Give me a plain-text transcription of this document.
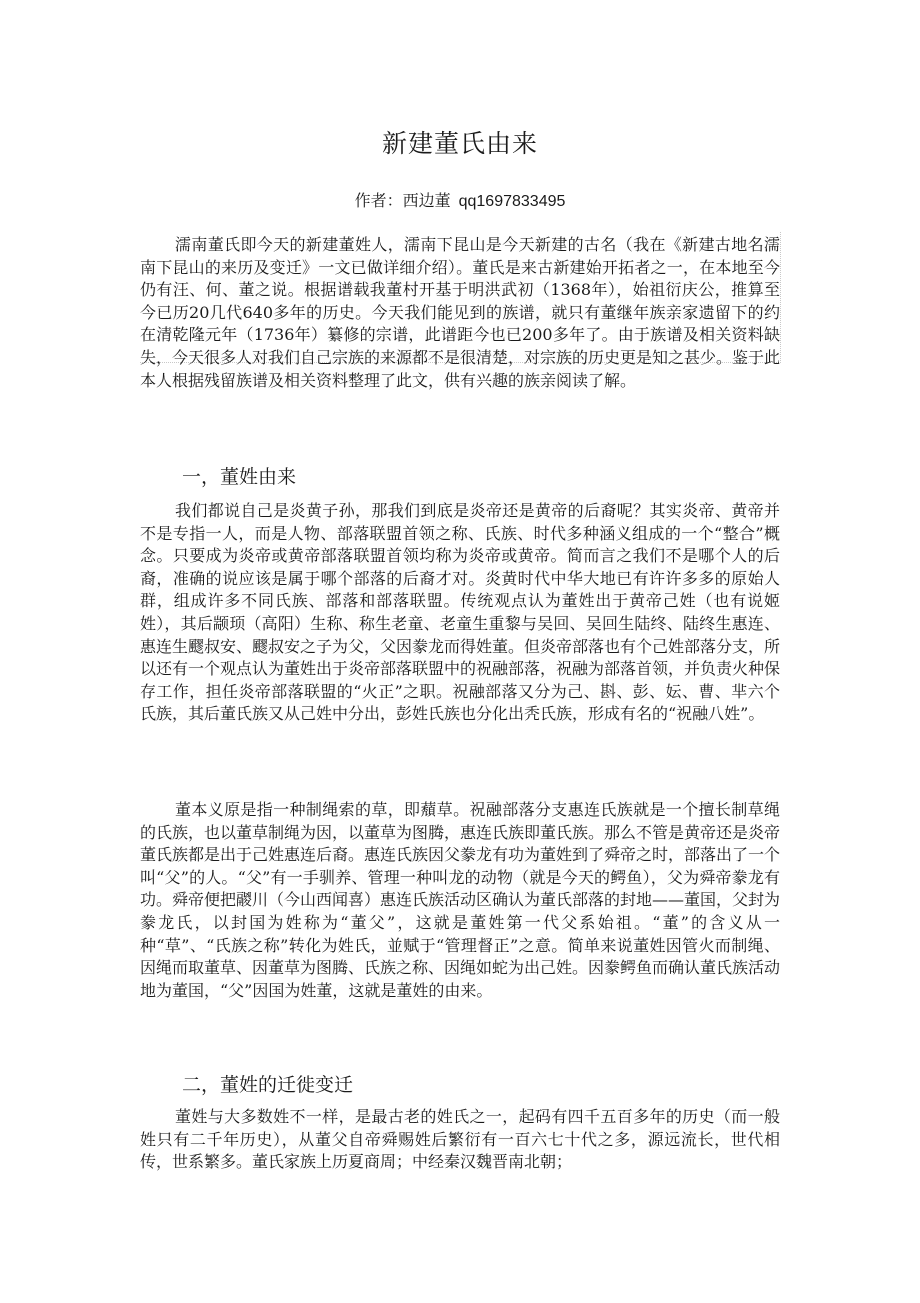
新建董氏由来
作者：西边董 qq1697833495
濡南董氏即今天的新建董姓人，濡南下昆山是今天新建的古名（我在《新建古地名濡南下昆山的来历及变迁》一文已做详细介绍）。董氏是来古新建始开拓者之一，在本地至今仍有汪、何、董之说。根据谱载我董村开基于明洪武初（1368年），始祖衍庆公，推算至今已历20几代640多年的历史。今天我们能见到的族谱，就只有董继年族亲家遗留下的约在清乾隆元年（1736年）纂修的宗谱，此谱距今也已200多年了。由于族谱及相关资料缺失，今天很多人对我们自己宗族的来源都不是很清楚，对宗族的历史更是知之甚少。鉴于此本人根据残留族谱及相关资料整理了此文，供有兴趣的族亲阅读了解。
一，董姓由来
我们都说自己是炎黄子孙，那我们到底是炎帝还是黄帝的后裔呢？其实炎帝、黄帝并不是专指一人，而是人物、部落联盟首领之称、氏族、时代多种涵义组成的一个“整合”概念。只要成为炎帝或黄帝部落联盟首领均称为炎帝或黄帝。简而言之我们不是哪个人的后裔，准确的说应该是属于哪个部落的后裔才对。炎黄时代中华大地已有许许多多的原始人群，组成许多不同氏族、部落和部落联盟。传统观点认为董姓出于黄帝己姓（也有说姬姓），其后颛顼（高阳）生称、称生老童、老童生重黎与吴回、吴回生陆终、陆终生惠连、惠连生飂叔安、飂叔安之子为父，父因豢龙而得姓董。但炎帝部落也有个己姓部落分支，所以还有一个观点认为董姓出于炎帝部落联盟中的祝融部落，祝融为部落首领，并负责火种保存工作，担任炎帝部落联盟的“火正”之职。祝融部落又分为己、斟、彭、妘、曹、芈六个氏族，其后董氏族又从己姓中分出，彭姓氏族也分化出秃氏族，形成有名的“祝融八姓”。
董本义原是指一种制绳索的草，即蘈草。祝融部落分支惠连氏族就是一个擅长制草绳的氏族，也以董草制绳为因，以董草为图腾，惠连氏族即董氏族。那么不管是黄帝还是炎帝董氏族都是出于己姓惠连后裔。惠连氏族因父豢龙有功为董姓到了舜帝之时，部落出了一个叫“父”的人。“父”有一手驯养、管理一种叫龙的动物（就是今天的鳄鱼），父为舜帝豢龙有功。舜帝便把鬷川（今山西闻喜）惠连氏族活动区确认为董氏部落的封地——董国，父封为豢龙氏，以封国为姓称为“董父”，这就是董姓第一代父系始祖。“董”的含义从一种“草”、“氏族之称”转化为姓氏，並赋于“管理督正”之意。简单来说董姓因管火而制绳、因绳而取董草、因董草为图腾、氏族之称、因绳如蛇为出己姓。因豢鳄鱼而确认董氏族活动地为董国，“父”因国为姓董，这就是董姓的由来。
二，董姓的迁徙变迁
董姓与大多数姓不一样，是最古老的姓氏之一，起码有四千五百多年的历史（而一般姓只有二千年历史），从董父自帝舜赐姓后繁衍有一百六七十代之多，源远流长，世代相传，世系繁多。董氏家族上历夏商周；中经秦汉魏晋南北朝；
